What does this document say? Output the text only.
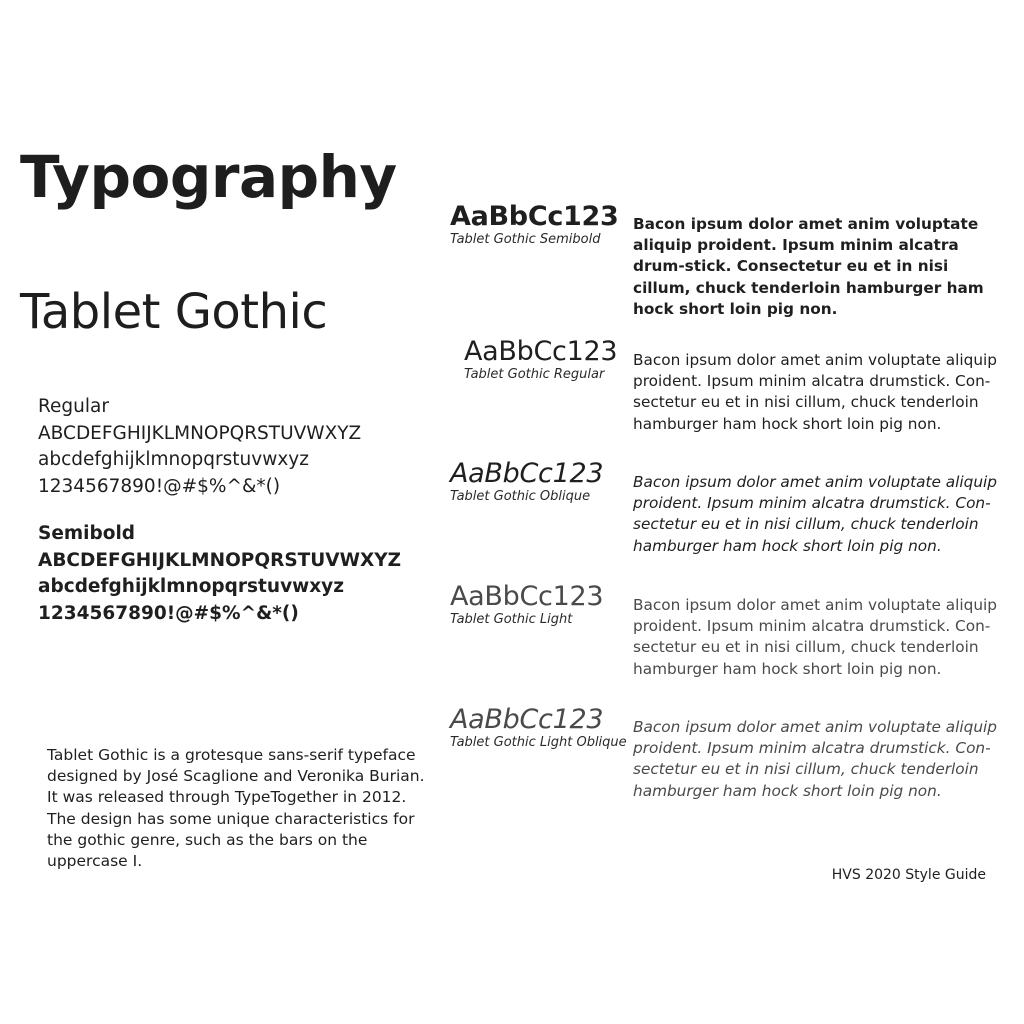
Typography
Tablet Gothic
Regular
ABCDEFGHIJKLMNOPQRSTUVWXYZ
abcdefghijklmnopqrstuvwxyz
1234567890!@#$%^&*()
Semibold
ABCDEFGHIJKLMNOPQRSTUVWXYZ
abcdefghijklmnopqrstuvwxyz
1234567890!@#$%^&*()
Tablet Gothic is a grotesque sans-serif typeface designed by José Scaglione and Veronika Burian. It was released through TypeTogether in 2012. The design has some unique characteristics for the gothic genre, such as the bars on the uppercase I.
AaBbCc123
Tablet Gothic Semibold
Bacon ipsum dolor amet anim voluptate aliquip proident. Ipsum minim alcatra drum-stick. Consectetur eu et in nisi cillum, chuck tenderloin hamburger ham hock short loin pig non.
AaBbCc123
Tablet Gothic Regular
Bacon ipsum dolor amet anim voluptate aliquip proident. Ipsum minim alcatra drumstick. Con-sectetur eu et in nisi cillum, chuck tenderloin hamburger ham hock short loin pig non.
AaBbCc123
Tablet Gothic Oblique
Bacon ipsum dolor amet anim voluptate aliquip proident. Ipsum minim alcatra drumstick. Con-sectetur eu et in nisi cillum, chuck tenderloin hamburger ham hock short loin pig non.
AaBbCc123
Tablet Gothic Light
Bacon ipsum dolor amet anim voluptate aliquip proident. Ipsum minim alcatra drumstick. Con-sectetur eu et in nisi cillum, chuck tenderloin hamburger ham hock short loin pig non.
AaBbCc123
Tablet Gothic Light Oblique
Bacon ipsum dolor amet anim voluptate aliquip proident. Ipsum minim alcatra drumstick. Con-sectetur eu et in nisi cillum, chuck tenderloin hamburger ham hock short loin pig non.
HVS 2020 Style Guide
